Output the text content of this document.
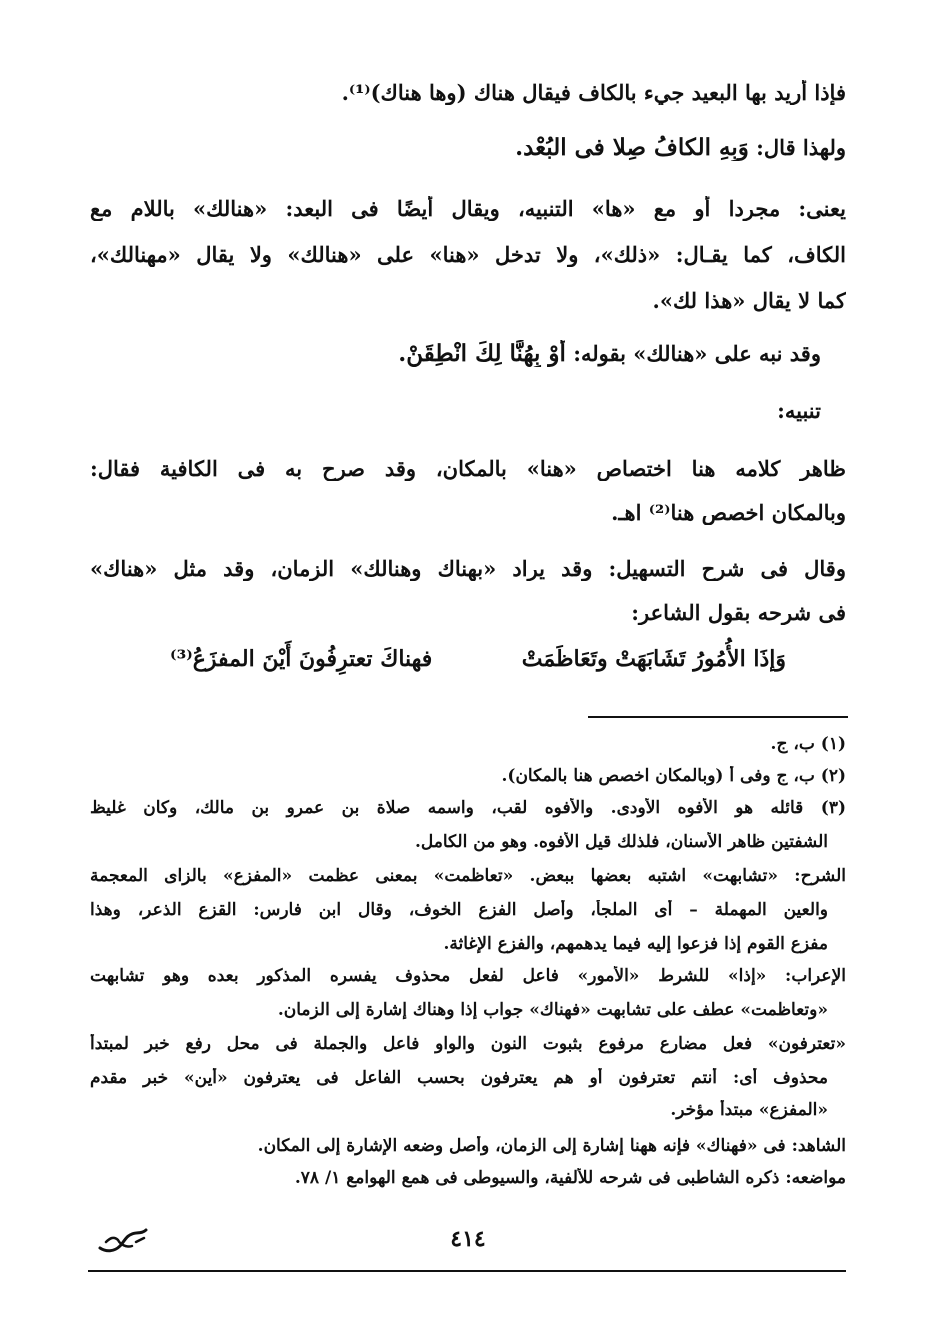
فإذا أريد بها البعيد جيء بالكاف فيقال هناك (وها هناك)⁽¹⁾.
ولهذا قال: وَبِهِ الكافُ صِلا فى البُعْد.
يعنى: مجردا أو مع «ها» التنبيه، ويقال أيضًا فى البعد: «هنالك» باللام مع
الكاف، كما يقـال: «ذلك»، ولا تدخل «هنا» على «هنالك» ولا يقال «مهنالك»،
كما لا يقال «هذا لك».
وقد نبه على «هنالك» بقوله: أوْ بِهُنَّا لِكَ انْطِقَنْ.
تنبيه:
ظاهر كلامه هنا اختصاص «هنا» بالمكان، وقد صرح به فى الكافية فقال:
وبالمكان اخصص هنا⁽²⁾ اهـ.
وقال فى شرح التسهيل: وقد يراد «بهناك وهنالك» الزمان، وقد مثل «هناك»
فى شرحه بقول الشاعر:
وَإذَا الأُمُورُ تَشَابَهَتْ وتَعَاظَمَتْ
فهناكَ تعترِفُونَ أَيْنَ المفزَعُ⁽³⁾
(١) ب، ج.
(٢) ب، ج وفى أ (وبالمكان اخصص هنا بالمكان).
(٣) قائله هو الأفوه الأودى. والأفوه لقب، واسمه صلاة بن عمرو بن مالك، وكان غليظ
الشفتين ظاهر الأسنان، فلذلك قيل الأفوه. وهو من الكامل.
الشرح: «تشابهت» اشتبه بعضها ببعض. «تعاظمت» بمعنى عظمت «المفزع» بالزاى المعجمة
والعين المهملة – أى الملجأ، وأصل الفزع الخوف، وقال ابن فارس: القزع الذعر، وهذا
مفزع القوم إذا فزعوا إليه فيما يدهمهم، والفزع الإغاثة.
الإعراب: «إذا» للشرط «الأمور» فاعل لفعل محذوف يفسره المذكور بعده وهو تشابهت
«وتعاظمت» عطف على تشابهت «فهناك» جواب إذا وهناك إشارة إلى الزمان.
«تعترفون» فعل مضارع مرفوع بثبوت النون والواو فاعل والجملة فى محل رفع خبر لمبتدأ
محذوف أى: أنتم تعترفون أو هم يعترفون بحسب الفاعل فى يعترفون «أين» خبر مقدم
«المفزع» مبتدأ مؤخر.
الشاهد: فى «فهناك» فإنه ههنا إشارة إلى الزمان، وأصل وضعه الإشارة إلى المكان.
مواضعه: ذكره الشاطبى فى شرحه للألفية، والسيوطى فى همع الهوامع ١/ ٧٨.
٤١٤
